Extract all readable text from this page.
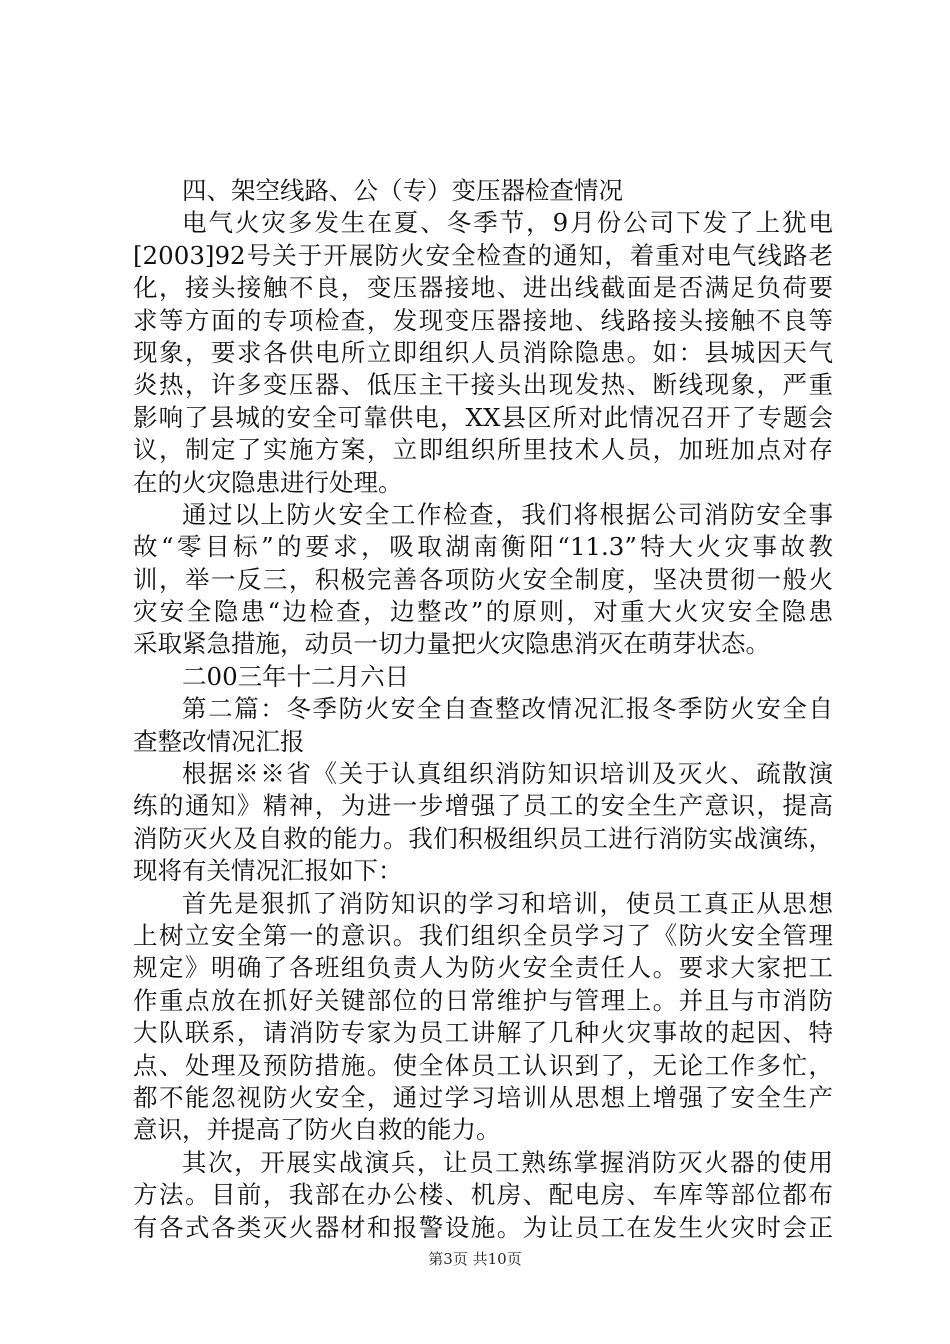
四、架空线路、公（专）变压器检查情况
电气火灾多发生在夏、冬季节，9月份公司下发了上犹电
[2003]92号关于开展防火安全检查的通知，着重对电气线路老
化，接头接触不良，变压器接地、进出线截面是否满足负荷要
求等方面的专项检查，发现变压器接地、线路接头接触不良等
现象，要求各供电所立即组织人员消除隐患。如：县城因天气
炎热，许多变压器、低压主干接头出现发热、断线现象，严重
影响了县城的安全可靠供电，XX县区所对此情况召开了专题会
议，制定了实施方案，立即组织所里技术人员，加班加点对存
在的火灾隐患进行处理。
通过以上防火安全工作检查，我们将根据公司消防安全事
故“零目标”的要求，吸取湖南衡阳“11.3”特大火灾事故教
训，举一反三，积极完善各项防火安全制度，坚决贯彻一般火
灾安全隐患“边检查，边整改”的原则，对重大火灾安全隐患
采取紧急措施，动员一切力量把火灾隐患消灭在萌芽状态。
二00三年十二月六日
第二篇：冬季防火安全自查整改情况汇报冬季防火安全自
查整改情况汇报
根据※※省《关于认真组织消防知识培训及灭火、疏散演
练的通知》精神，为进一步增强了员工的安全生产意识，提高
消防灭火及自救的能力。我们积极组织员工进行消防实战演练，
现将有关情况汇报如下：
首先是狠抓了消防知识的学习和培训，使员工真正从思想
上树立安全第一的意识。我们组织全员学习了《防火安全管理
规定》明确了各班组负责人为防火安全责任人。要求大家把工
作重点放在抓好关键部位的日常维护与管理上。并且与市消防
大队联系，请消防专家为员工讲解了几种火灾事故的起因、特
点、处理及预防措施。使全体员工认识到了，无论工作多忙，
都不能忽视防火安全，通过学习培训从思想上增强了安全生产
意识，并提高了防火自救的能力。
其次，开展实战演兵，让员工熟练掌握消防灭火器的使用
方法。目前，我部在办公楼、机房、配电房、车库等部位都布
有各式各类灭火器材和报警设施。为让员工在发生火灾时会正
第3页 共10页
